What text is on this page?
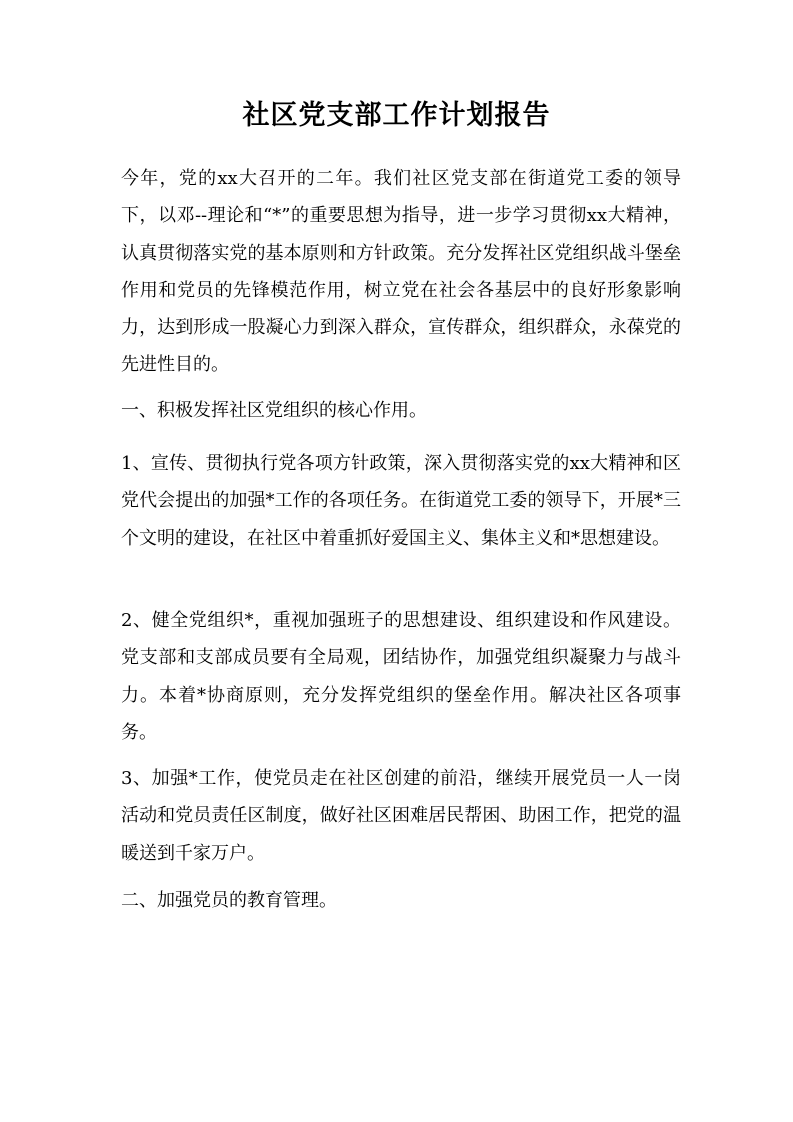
社区党支部工作计划报告

今年，党的xx大召开的二年。我们社区党支部在街道党工委的领导下，以邓--理论和“*”的重要思想为指导，进一步学习贯彻xx大精神，认真贯彻落实党的基本原则和方针政策。充分发挥社区党组织战斗堡垒作用和党员的先锋模范作用，树立党在社会各基层中的良好形象影响力，达到形成一股凝心力到深入群众，宣传群众，组织群众，永葆党的先进性目的。

一、积极发挥社区党组织的核心作用。

1、宣传、贯彻执行党各项方针政策，深入贯彻落实党的xx大精神和区党代会提出的加强*工作的各项任务。在街道党工委的领导下，开展*三个文明的建设，在社区中着重抓好爱国主义、集体主义和*思想建设。

2、健全党组织*，重视加强班子的思想建设、组织建设和作风建设。党支部和支部成员要有全局观，团结协作，加强党组织凝聚力与战斗力。本着*协商原则，充分发挥党组织的堡垒作用。解决社区各项事务。

3、加强*工作，使党员走在社区创建的前沿，继续开展党员一人一岗活动和党员责任区制度，做好社区困难居民帮困、助困工作，把党的温暖送到千家万户。

二、加强党员的教育管理。
